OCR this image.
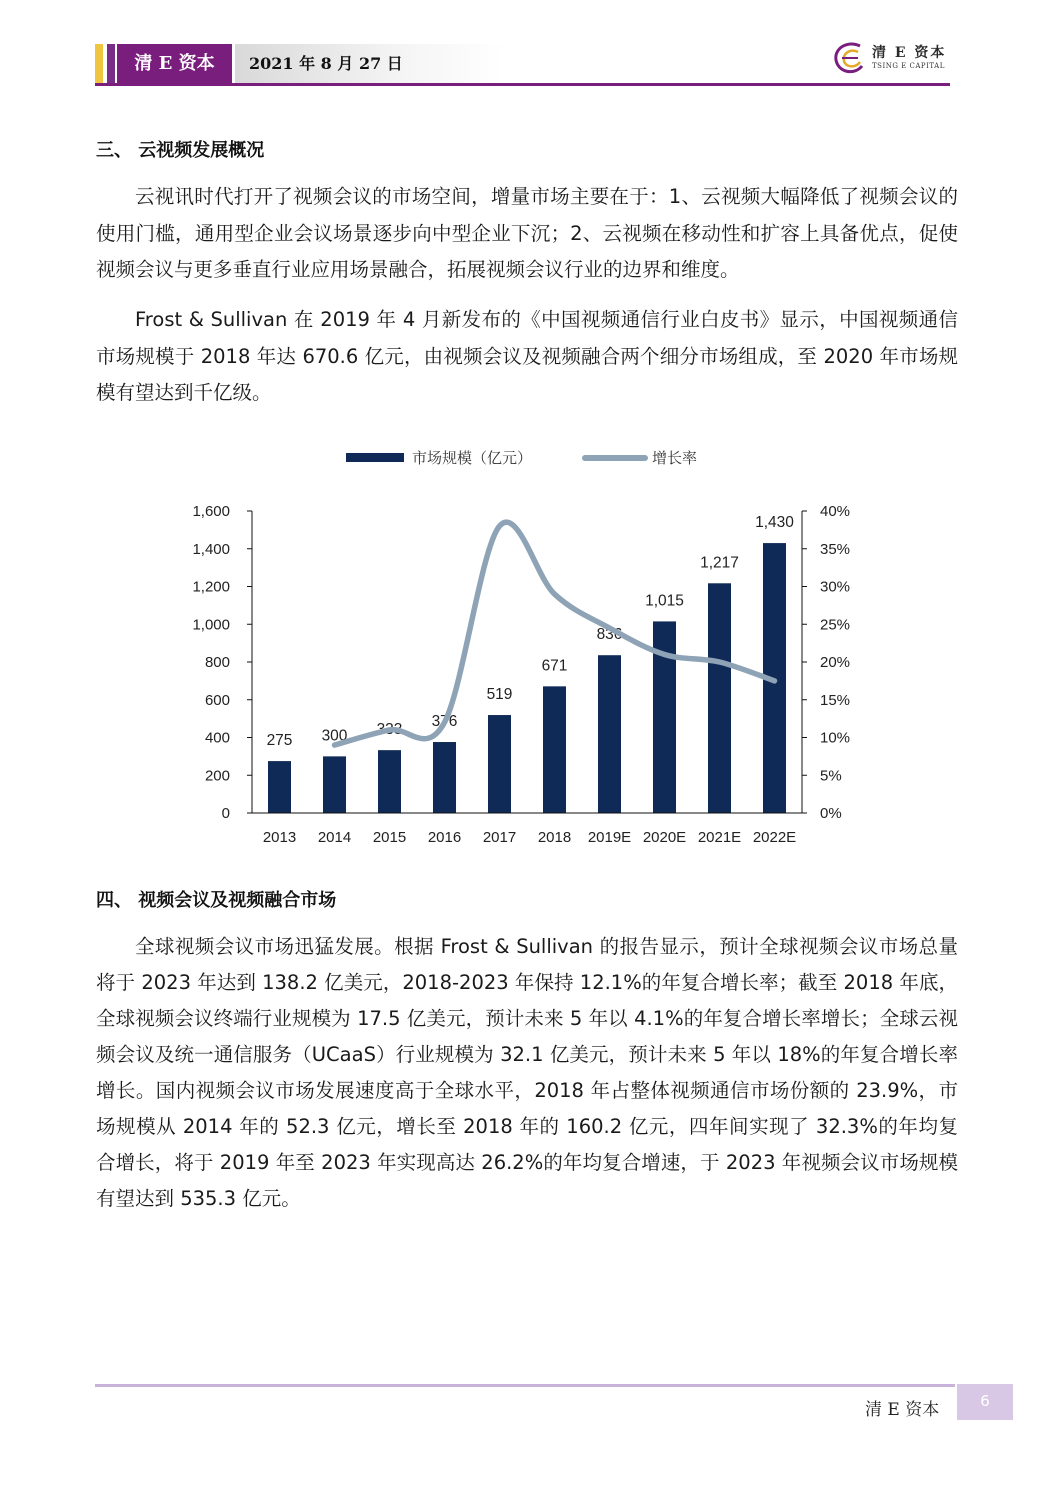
清 E 资本	2021 年 8 月 27 日
清 E 资本
TSING E CAPITAL
三、 云视频发展概况
云视讯时代打开了视频会议的市场空间，增量市场主要在于：1、云视频大幅降低了视频会议的使用门槛，通用型企业会议场景逐步向中型企业下沉；2、云视频在移动性和扩容上具备优点，促使视频会议与更多垂直行业应用场景融合，拓展视频会议行业的边界和维度。
Frost & Sullivan 在 2019 年 4 月新发布的《中国视频通信行业白皮书》显示，中国视频通信市场规模于 2018 年达 670.6 亿元，由视频会议及视频融合两个细分市场组成，至 2020 年市场规模有望达到千亿级。
市场规模（亿元）	增长率
0
200
400
600
800
1,000
1,200
1,400
1,600
0%
5%
10%
15%
20%
25%
30%
35%
40%
275 300 333 376
519
671
836
1,015
1,217
1,430
2013 2014 2015 2016 2017 2018 2019E 2020E 2021E 2022E
四、 视频会议及视频融合市场
全球视频会议市场迅猛发展。根据 Frost & Sullivan 的报告显示，预计全球视频会议市场总量将于 2023 年达到 138.2 亿美元，2018-2023 年保持 12.1%的年复合增长率；截至 2018 年底，全球视频会议终端行业规模为 17.5 亿美元，预计未来 5 年以 4.1%的年复合增长率增长；全球云视频会议及统一通信服务（UCaaS）行业规模为 32.1 亿美元，预计未来 5 年以 18%的年复合增长率增长。国内视频会议市场发展速度高于全球水平，2018 年占整体视频通信市场份额的 23.9%，市场规模从 2014 年的 52.3 亿元，增长至 2018 年的 160.2 亿元，四年间实现了 32.3%的年均复合增长，将于 2019 年至 2023 年实现高达 26.2%的年均复合增速，于 2023 年视频会议市场规模有望达到 535.3 亿元。
清 E 资本	6
